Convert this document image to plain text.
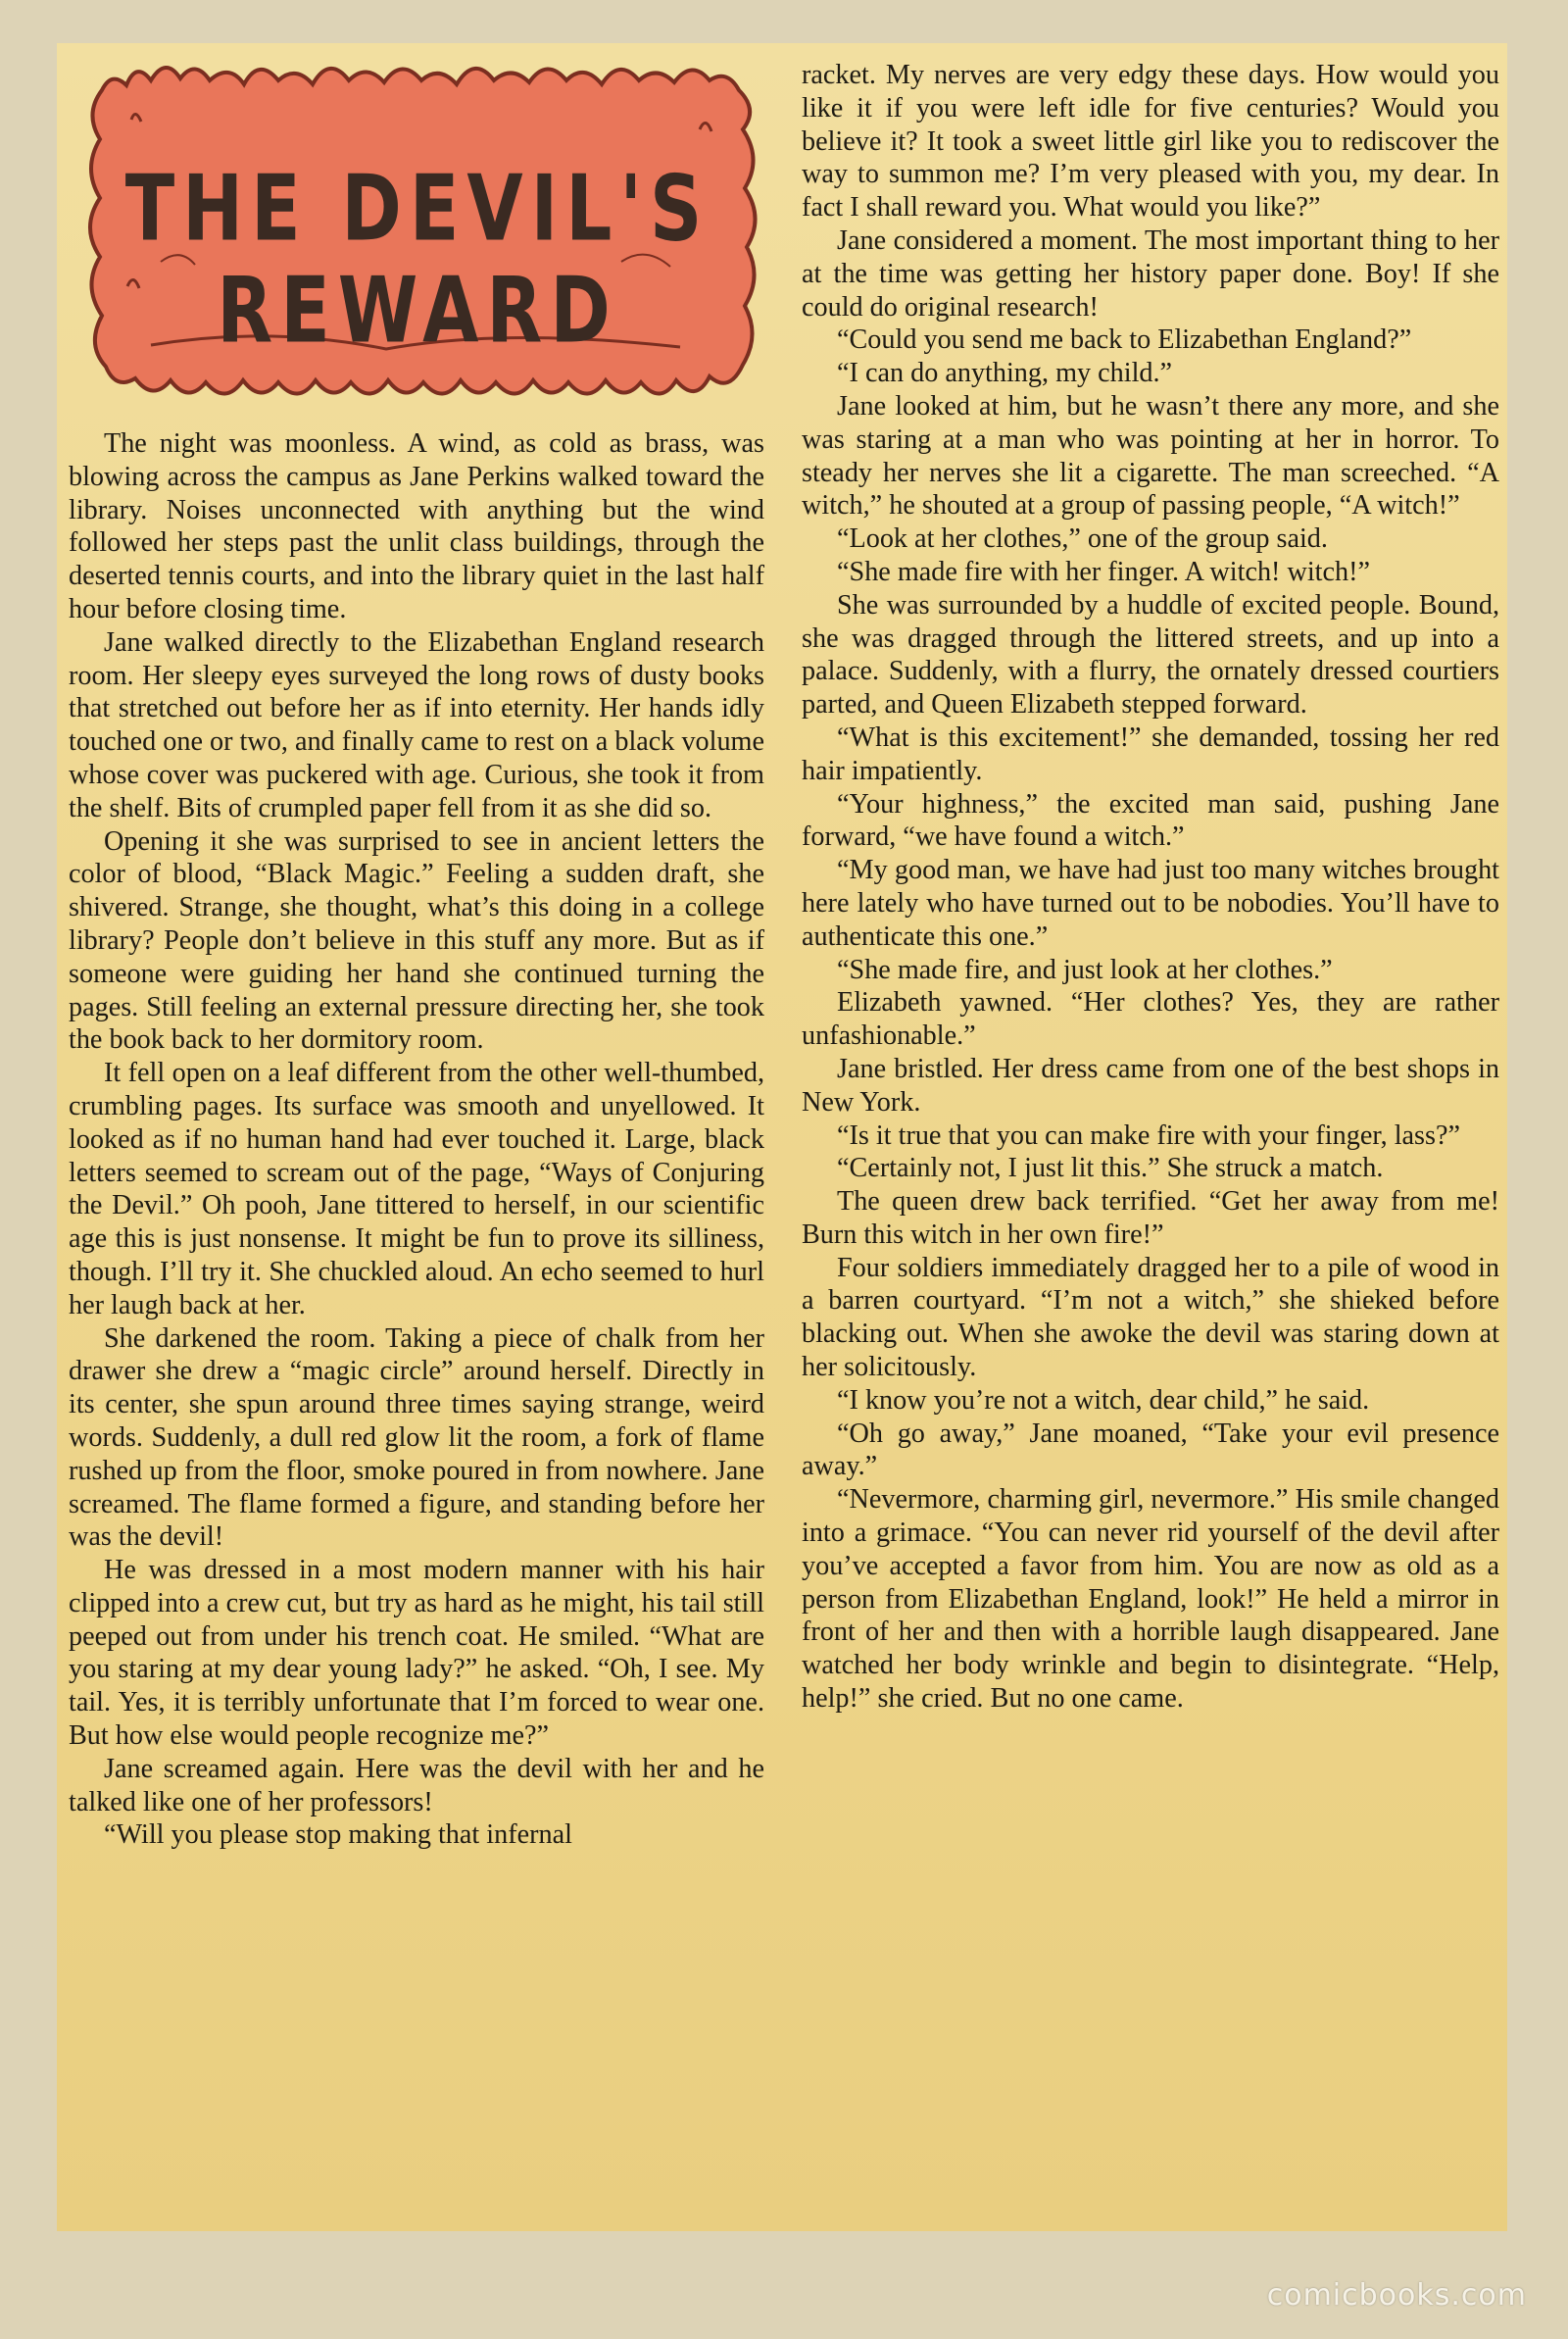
THE DEVIL'S
REWARD

The night was moonless. A wind, as cold as brass, was blowing across the campus as Jane Perkins walked toward the library. Noises unconnected with anything but the wind followed her steps past the unlit class buildings, through the deserted tennis courts, and into the library quiet in the last half hour before closing time.

Jane walked directly to the Elizabethan England research room. Her sleepy eyes surveyed the long rows of dusty books that stretched out before her as if into eternity. Her hands idly touched one or two, and finally came to rest on a black volume whose cover was puckered with age. Curious, she took it from the shelf. Bits of crumpled paper fell from it as she did so.

Opening it she was surprised to see in ancient letters the color of blood, “Black Magic.” Feeling a sudden draft, she shivered. Strange, she thought, what’s this doing in a college library? People don’t believe in this stuff any more. But as if someone were guiding her hand she continued turning the pages. Still feeling an external pressure directing her, she took the book back to her dormitory room.

It fell open on a leaf different from the other well-thumbed, crumbling pages. Its surface was smooth and unyellowed. It looked as if no human hand had ever touched it. Large, black letters seemed to scream out of the page, “Ways of Conjuring the Devil.” Oh pooh, Jane tittered to herself, in our scientific age this is just nonsense. It might be fun to prove its silliness, though. I’ll try it. She chuckled aloud. An echo seemed to hurl her laugh back at her.

She darkened the room. Taking a piece of chalk from her drawer she drew a “magic circle” around herself. Directly in its center, she spun around three times saying strange, weird words. Suddenly, a dull red glow lit the room, a fork of flame rushed up from the floor, smoke poured in from nowhere. Jane screamed. The flame formed a figure, and standing before her was the devil!

He was dressed in a most modern manner with his hair clipped into a crew cut, but try as hard as he might, his tail still peeped out from under his trench coat. He smiled. “What are you staring at my dear young lady?” he asked. “Oh, I see. My tail. Yes, it is terribly unfortunate that I’m forced to wear one. But how else would people recognize me?”

Jane screamed again. Here was the devil with her and he talked like one of her professors!

“Will you please stop making that infernal

racket. My nerves are very edgy these days. How would you like it if you were left idle for five centuries? Would you believe it? It took a sweet little girl like you to rediscover the way to summon me? I’m very pleased with you, my dear. In fact I shall reward you. What would you like?”

Jane considered a moment. The most important thing to her at the time was getting her history paper done. Boy! If she could do original research!

“Could you send me back to Elizabethan England?”

“I can do anything, my child.”

Jane looked at him, but he wasn’t there any more, and she was staring at a man who was pointing at her in horror. To steady her nerves she lit a cigarette. The man screeched. “A witch,” he shouted at a group of passing people, “A witch!”

“Look at her clothes,” one of the group said.

“She made fire with her finger. A witch! witch!”

She was surrounded by a huddle of excited people. Bound, she was dragged through the littered streets, and up into a palace. Suddenly, with a flurry, the ornately dressed courtiers parted, and Queen Elizabeth stepped forward.

“What is this excitement!” she demanded, tossing her red hair impatiently.

“Your highness,” the excited man said, pushing Jane forward, “we have found a witch.”

“My good man, we have had just too many witches brought here lately who have turned out to be nobodies. You’ll have to authenticate this one.”

“She made fire, and just look at her clothes.”

Elizabeth yawned. “Her clothes? Yes, they are rather unfashionable.”

Jane bristled. Her dress came from one of the best shops in New York.

“Is it true that you can make fire with your finger, lass?”

“Certainly not, I just lit this.” She struck a match.

The queen drew back terrified. “Get her away from me! Burn this witch in her own fire!”

Four soldiers immediately dragged her to a pile of wood in a barren courtyard. “I’m not a witch,” she shieked before blacking out. When she awoke the devil was staring down at her solicitously.

“I know you’re not a witch, dear child,” he said.

“Oh go away,” Jane moaned, “Take your evil presence away.”

“Nevermore, charming girl, nevermore.” His smile changed into a grimace. “You can never rid yourself of the devil after you’ve accepted a favor from him. You are now as old as a person from Elizabethan England, look!” He held a mirror in front of her and then with a horrible laugh disappeared. Jane watched her body wrinkle and begin to disintegrate. “Help, help!” she cried. But no one came.

comicbooks.com
